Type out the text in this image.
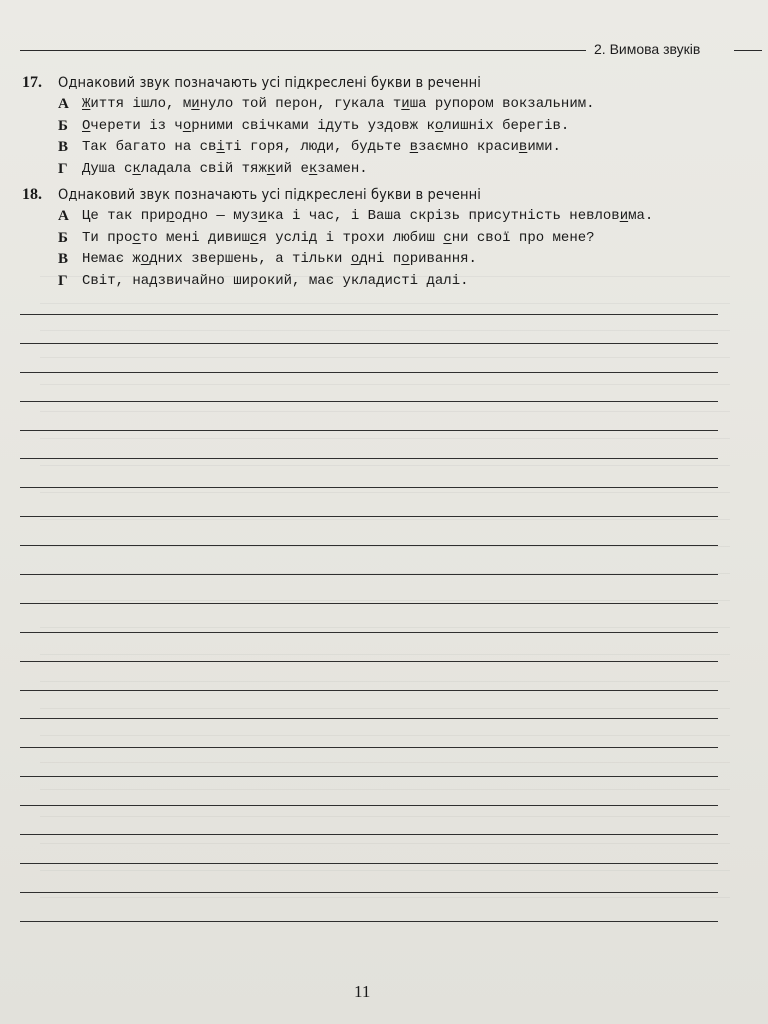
2. Вимова звуків
17. Однаковий звук позначають усі підкреслені букви в реченні
А Життя ішло, минуло той перон, гукала тиша рупором вокзальним.
Б Очерети із чорними свічками ідуть уздовж колишніх берегів.
В Так багато на світі горя, люди, будьте взаємно красивими.
Г Душа складала свій тяжкий екзамен.
18. Однаковий звук позначають усі підкреслені букви в реченні
А Це так природно — музика і час, і Ваша скрізь присутність невловима.
Б Ти просто мені дивишся услід і трохи любиш сни свої про мене?
В Немає жодних звершень, а тільки одні поривання.
Г Світ, надзвичайно широкий, має укладисті далі.
11
